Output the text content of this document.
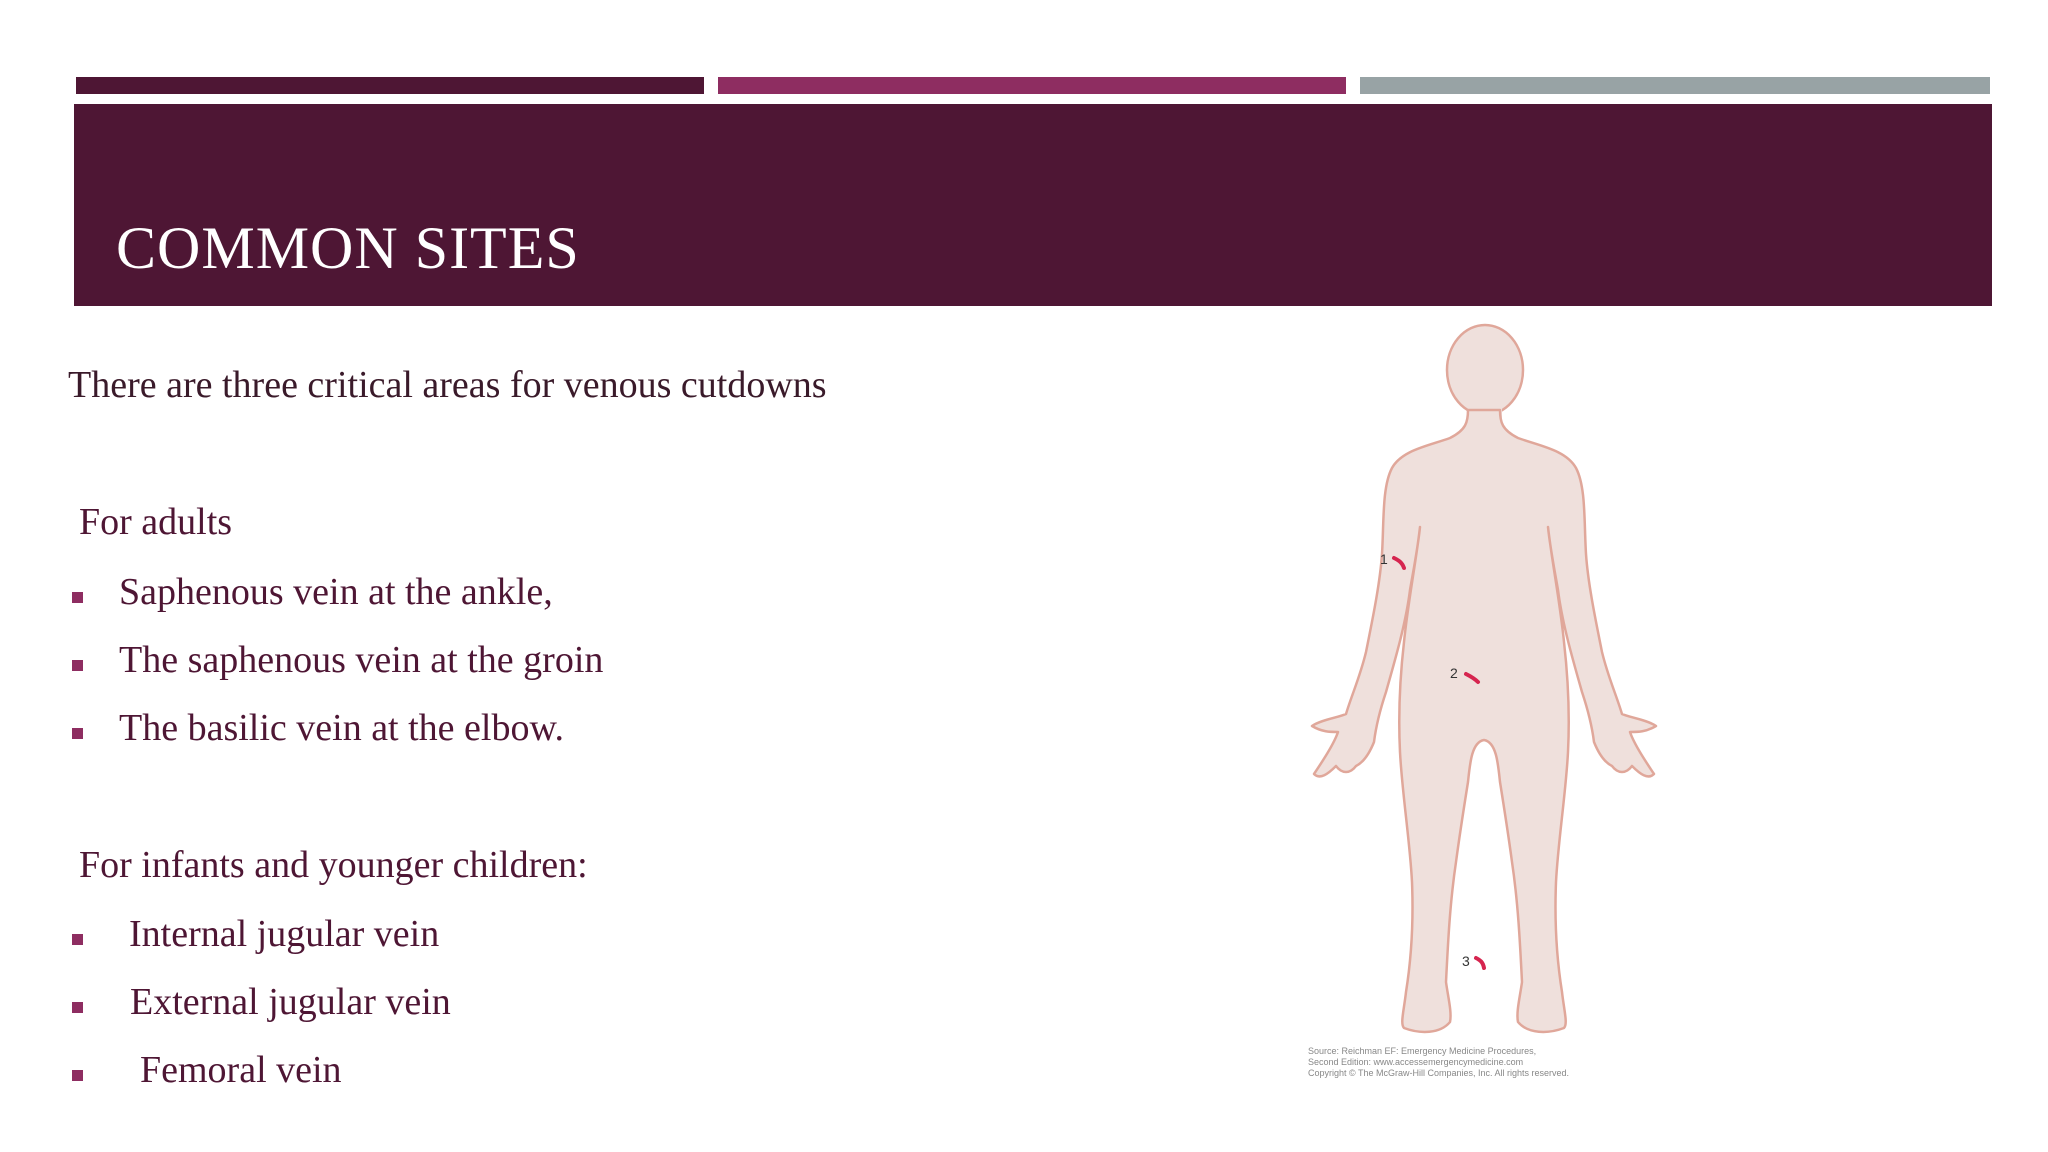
COMMON SITES
There are three critical areas for venous cutdowns
For adults
Saphenous vein at the ankle,
The saphenous vein at the groin
The basilic vein at the elbow.
For infants and younger children:
Internal jugular vein
External jugular vein
Femoral vein
1
2
3
Source: Reichman EF: Emergency Medicine Procedures,
Second Edition: www.accessemergencymedicine.com
Copyright © The McGraw-Hill Companies, Inc. All rights reserved.
